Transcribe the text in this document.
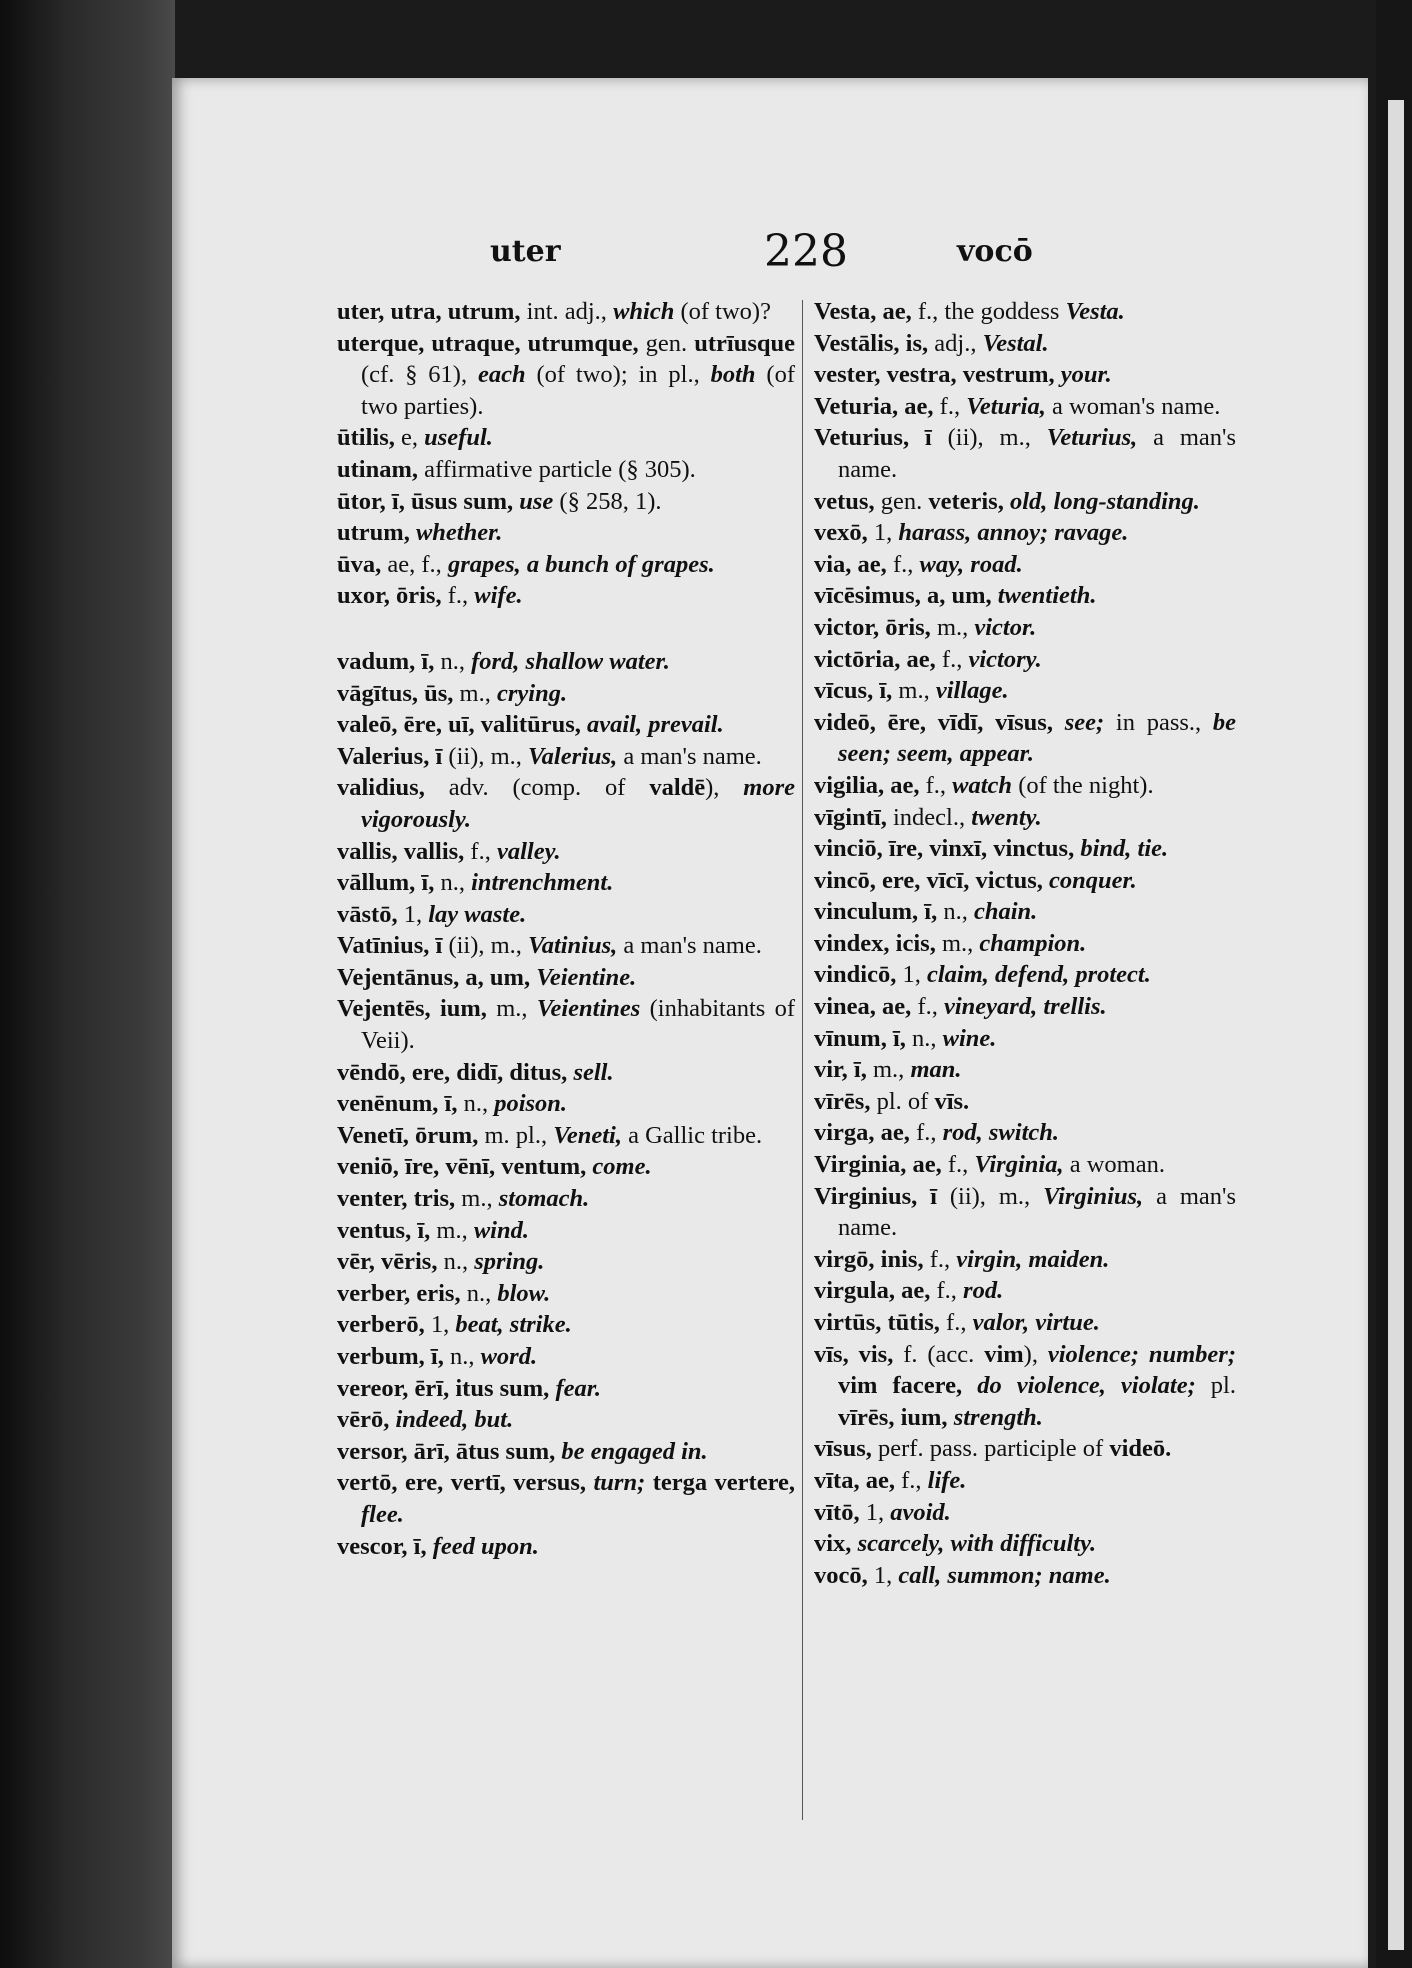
uter	228	vocō
uter, utra, utrum, int. adj., which (of two)?
uterque, utraque, utrumque, gen. utrīusque (cf. § 61), each (of two); in pl., both (of two parties).
ūtilis, e, useful.
utinam, affirmative particle (§ 305).
ūtor, ī, ūsus sum, use (§ 258, 1).
utrum, whether.
ūva, ae, f., grapes, a bunch of grapes.
uxor, ōris, f., wife.
vadum, ī, n., ford, shallow water.
vāgītus, ūs, m., crying.
valeō, ēre, uī, valitūrus, avail, prevail.
Valerius, ī (ii), m., Valerius, a man's name.
validius, adv. (comp. of valdē), more vigorously.
vallis, vallis, f., valley.
vāllum, ī, n., intrenchment.
vāstō, 1, lay waste.
Vatīnius, ī (ii), m., Vatinius, a man's name.
Vejentānus, a, um, Veientine.
Vejentēs, ium, m., Veientines (inhabitants of Veii).
vēndō, ere, didī, ditus, sell.
venēnum, ī, n., poison.
Venetī, ōrum, m. pl., Veneti, a Gallic tribe.
veniō, īre, vēnī, ventum, come.
venter, tris, m., stomach.
ventus, ī, m., wind.
vēr, vēris, n., spring.
verber, eris, n., blow.
verberō, 1, beat, strike.
verbum, ī, n., word.
vereor, ērī, itus sum, fear.
vērō, indeed, but.
versor, ārī, ātus sum, be engaged in.
vertō, ere, vertī, versus, turn; terga vertere, flee.
vescor, ī, feed upon.
Vesta, ae, f., the goddess Vesta.
Vestālis, is, adj., Vestal.
vester, vestra, vestrum, your.
Veturia, ae, f., Veturia, a woman's name.
Veturius, ī (ii), m., Veturius, a man's name.
vetus, gen. veteris, old, long-standing.
vexō, 1, harass, annoy; ravage.
via, ae, f., way, road.
vīcēsimus, a, um, twentieth.
victor, ōris, m., victor.
victōria, ae, f., victory.
vīcus, ī, m., village.
videō, ēre, vīdī, vīsus, see; in pass., be seen; seem, appear.
vigilia, ae, f., watch (of the night).
vīgintī, indecl., twenty.
vinciō, īre, vinxī, vinctus, bind, tie.
vincō, ere, vīcī, victus, conquer.
vinculum, ī, n., chain.
vindex, icis, m., champion.
vindicō, 1, claim, defend, protect.
vinea, ae, f., vineyard, trellis.
vīnum, ī, n., wine.
vir, ī, m., man.
vīrēs, pl. of vīs.
virga, ae, f., rod, switch.
Virginia, ae, f., Virginia, a woman.
Virginius, ī (ii), m., Virginius, a man's name.
virgō, inis, f., virgin, maiden.
virgula, ae, f., rod.
virtūs, tūtis, f., valor, virtue.
vīs, vis, f. (acc. vim), violence; number; vim facere, do violence, violate; pl. vīrēs, ium, strength.
vīsus, perf. pass. participle of videō.
vīta, ae, f., life.
vītō, 1, avoid.
vix, scarcely, with difficulty.
vocō, 1, call, summon; name.
